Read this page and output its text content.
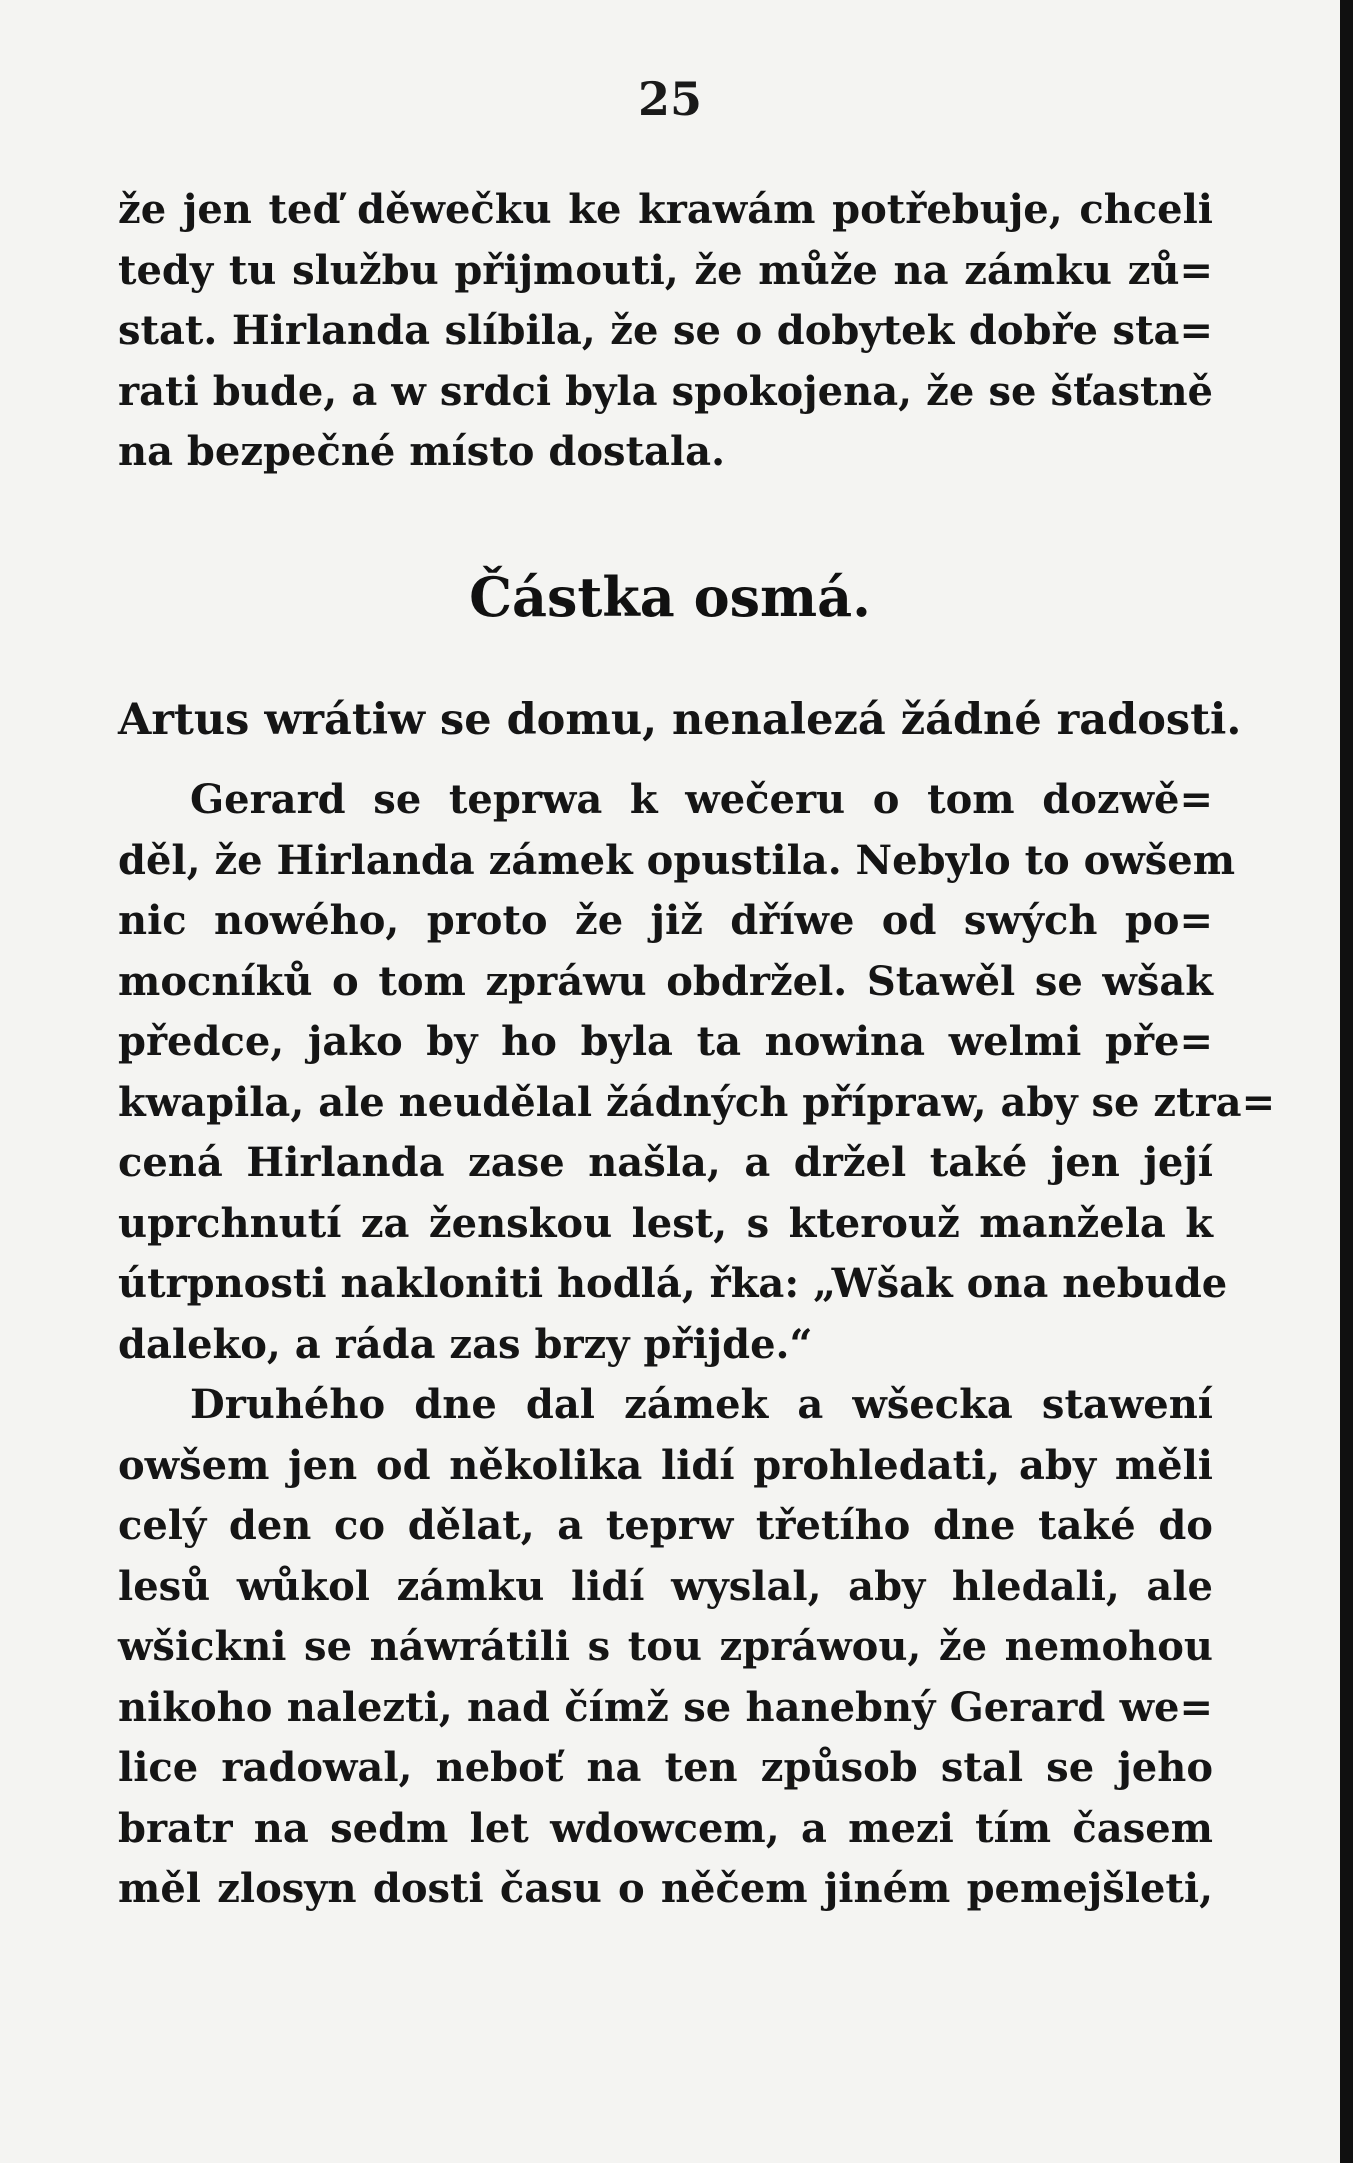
25
že jen teď děwečku ke krawám potřebuje, chceli
tedy tu službu přijmouti, že může na zámku zů=
stat. Hirlanda slíbila, že se o dobytek dobře sta=
rati bude, a w srdci byla spokojena, že se šťastně
na bezpečné místo dostala.
Částka osmá.
Artus wrátiw se domu, nenalezá žádné radosti.
Gerard se teprwa k wečeru o tom dozwě=
děl, že Hirlanda zámek opustila. Nebylo to owšem
nic nowého, proto že již dříwe od swých po=
mocníků o tom zpráwu obdržel. Stawěl se wšak
předce, jako by ho byla ta nowina welmi pře=
kwapila, ale neudělal žádných přípraw, aby se ztra=
cená Hirlanda zase našla, a držel také jen její
uprchnutí za ženskou lest, s kterouž manžela k
útrpnosti nakloniti hodlá, řka: „Wšak ona nebude
daleko, a ráda zas brzy přijde.“
Druhého dne dal zámek a wšecka stawení
owšem jen od několika lidí prohledati, aby měli
celý den co dělat, a teprw třetího dne také do
lesů wůkol zámku lidí wyslal, aby hledali, ale
wšickni se náwrátili s tou zpráwou, že nemohou
nikoho nalezti, nad čímž se hanebný Gerard we=
lice radowal, neboť na ten způsob stal se jeho
bratr na sedm let wdowcem, a mezi tím časem
měl zlosyn dosti času o něčem jiném pemejšleti,
